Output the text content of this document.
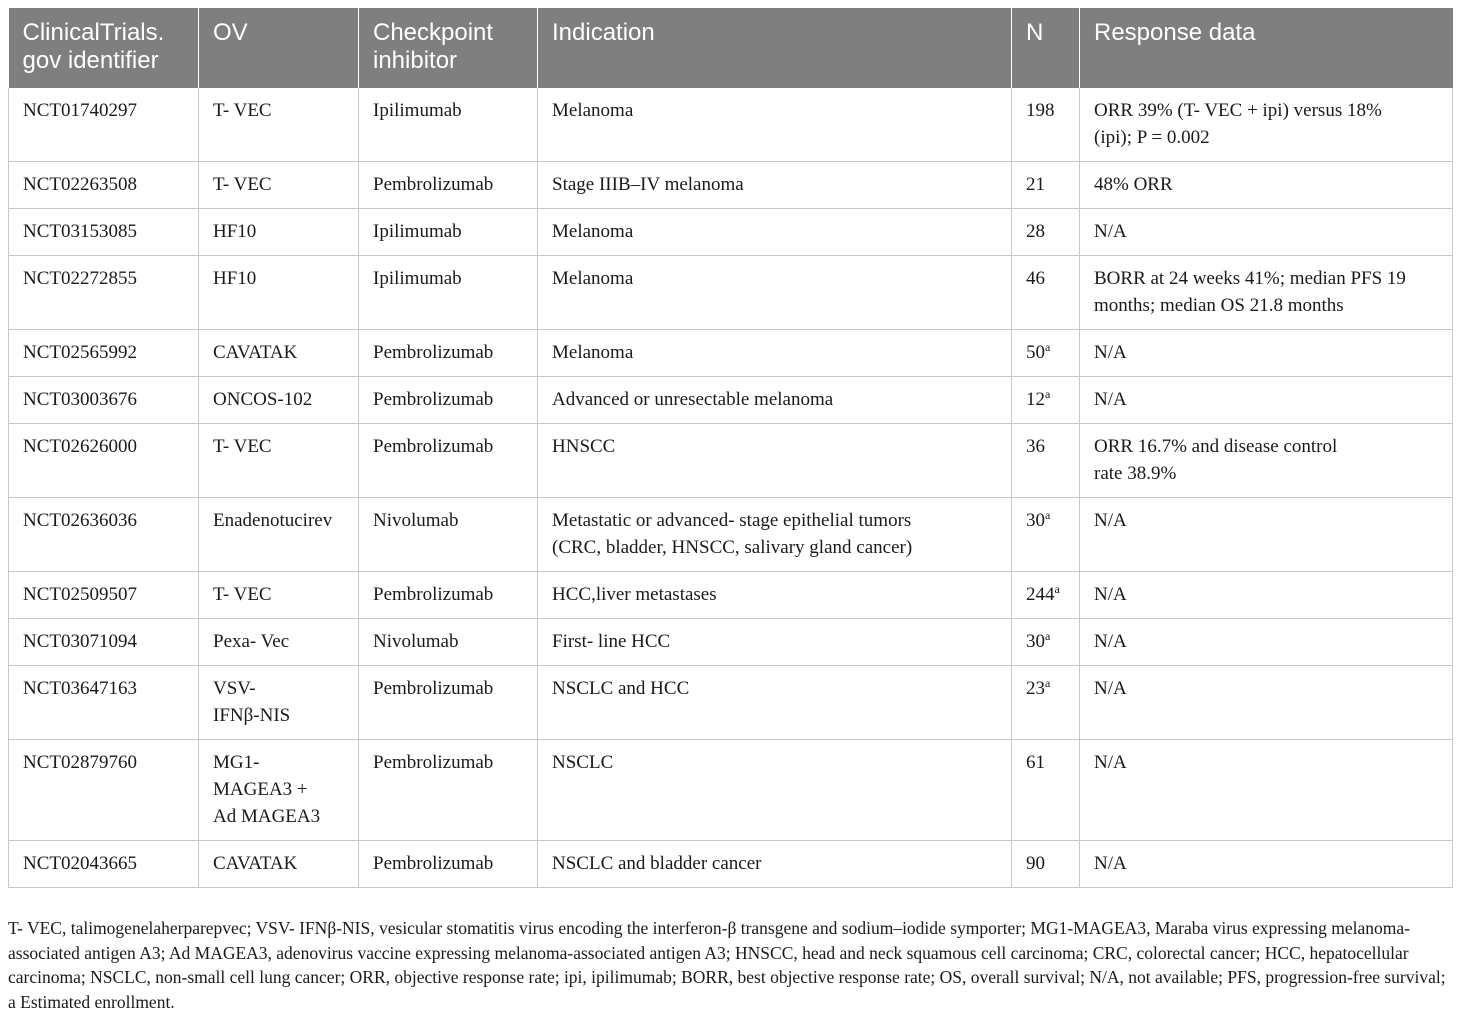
ClinicalTrials.
gov identifier	OV	Checkpoint
inhibitor	Indication	N	Response data
NCT01740297	T- VEC	Ipilimumab	Melanoma	198	ORR 39% (T- VEC + ipi) versus 18%
(ipi); P = 0.002
NCT02263508	T- VEC	Pembrolizumab	Stage IIIB–IV melanoma	21	48% ORR
NCT03153085	HF10	Ipilimumab	Melanoma	28	N/A
NCT02272855	HF10	Ipilimumab	Melanoma	46	BORR at 24 weeks 41%; median PFS 19
months; median OS 21.8 months
NCT02565992	CAVATAK	Pembrolizumab	Melanoma	50$^a$	N/A
NCT03003676	ONCOS-102	Pembrolizumab	Advanced or unresectable melanoma	12$^a$	N/A
NCT02626000	T- VEC	Pembrolizumab	HNSCC	36	ORR 16.7% and disease control
rate 38.9%
NCT02636036	Enadenotucirev	Nivolumab	Metastatic or advanced- stage epithelial tumors
(CRC, bladder, HNSCC, salivary gland cancer)	30$^a$	N/A
NCT02509507	T- VEC	Pembrolizumab	HCC,liver metastases	244$^a$	N/A
NCT03071094	Pexa- Vec	Nivolumab	First- line HCC	30$^a$	N/A
NCT03647163	VSV-
IFNβ-NIS	Pembrolizumab	NSCLC and HCC	23$^a$	N/A
NCT02879760	MG1-
MAGEA3 +
Ad MAGEA3	Pembrolizumab	NSCLC	61	N/A
NCT02043665	CAVATAK	Pembrolizumab	NSCLC and bladder cancer	90	N/A
T- VEC, talimogenelaherparepvec; VSV- IFNβ-NIS, vesicular stomatitis virus encoding the interferon-β transgene and sodium–iodide symporter; MG1-MAGEA3, Maraba virus expressing melanoma-associated antigen A3; Ad MAGEA3, adenovirus vaccine expressing melanoma-associated antigen A3; HNSCC, head and neck squamous cell carcinoma; CRC, colorectal cancer; HCC, hepatocellular carcinoma; NSCLC, non-small cell lung cancer; ORR, objective response rate; ipi, ipilimumab; BORR, best objective response rate; OS, overall survival; N/A, not available; PFS, progression-free survival; a Estimated enrollment.
